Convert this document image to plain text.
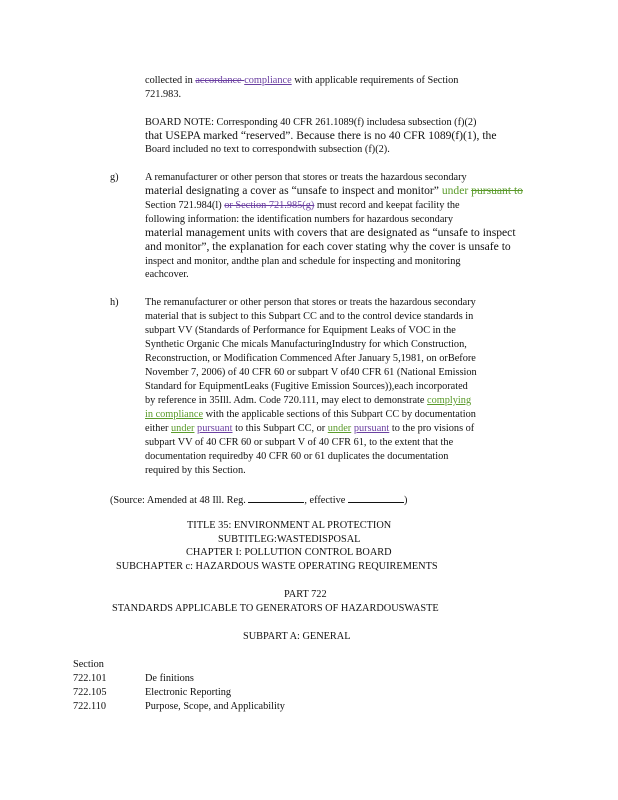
collected in accordance compliance with applicable requirements of Section
721.983.
BOARD NOTE: Corresponding 40 CFR 261.1089(f) includesa subsection (f)(2)
that USEPA marked “reserved”. Because there is no 40 CFR 1089(f)(1), the
Board included no text to correspondwith subsection (f)(2).
g)	A remanufacturer or other person that stores or treats the hazardous secondary
material designating a cover as “unsafe to inspect and monitor” under pursuant to
Section 721.984(l) or Section 721.985(g) must record and keepat facility the
following information: the identification numbers for hazardous secondary
material management units with covers that are designated as “unsafe to inspect
and monitor”, the explanation for each cover stating why the cover is unsafe to
inspect and monitor, andthe plan and schedule for inspecting and monitoring
eachcover.
h)	The remanufacturer or other person that stores or treats the hazardous secondary
material that is subject to this Subpart CC and to the control device standards in
subpart VV (Standards of Performance for Equipment Leaks of VOC in the
Synthetic Organic Che micals ManufacturingIndustry for which Construction,
Reconstruction, or Modification Commenced After January 5,1981, on orBefore
November 7, 2006) of 40 CFR 60 or subpart V of40 CFR 61 (National Emission
Standard for EquipmentLeaks (Fugitive Emission Sources)),each incorporated
by reference in 35Ill. Adm. Code 720.111, may elect to demonstrate complying
in compliance with the applicable sections of this Subpart CC by documentation
either under pursuant to this Subpart CC, or under pursuant to the pro visions of
subpart VV of 40 CFR 60 or subpart V of 40 CFR 61, to the extent that the
documentation requiredby 40 CFR 60 or 61 duplicates the documentation
required by this Section.
(Source: Amended at 48 Ill. Reg.	, effective	)
TITLE 35: ENVIRONMENT AL PROTECTION
SUBTITLEG:WASTEDISPOSAL
CHAPTER I: POLLUTION CONTROL BOARD
SUBCHAPTER c: HAZARDOUS WASTE OPERATING REQUIREMENTS
PART 722
STANDARDS APPLICABLE TO GENERATORS OF HAZARDOUSWASTE
SUBPART A: GENERAL
Section
722.101	De finitions
722.105	Electronic Reporting
722.110	Purpose, Scope, and Applicability
